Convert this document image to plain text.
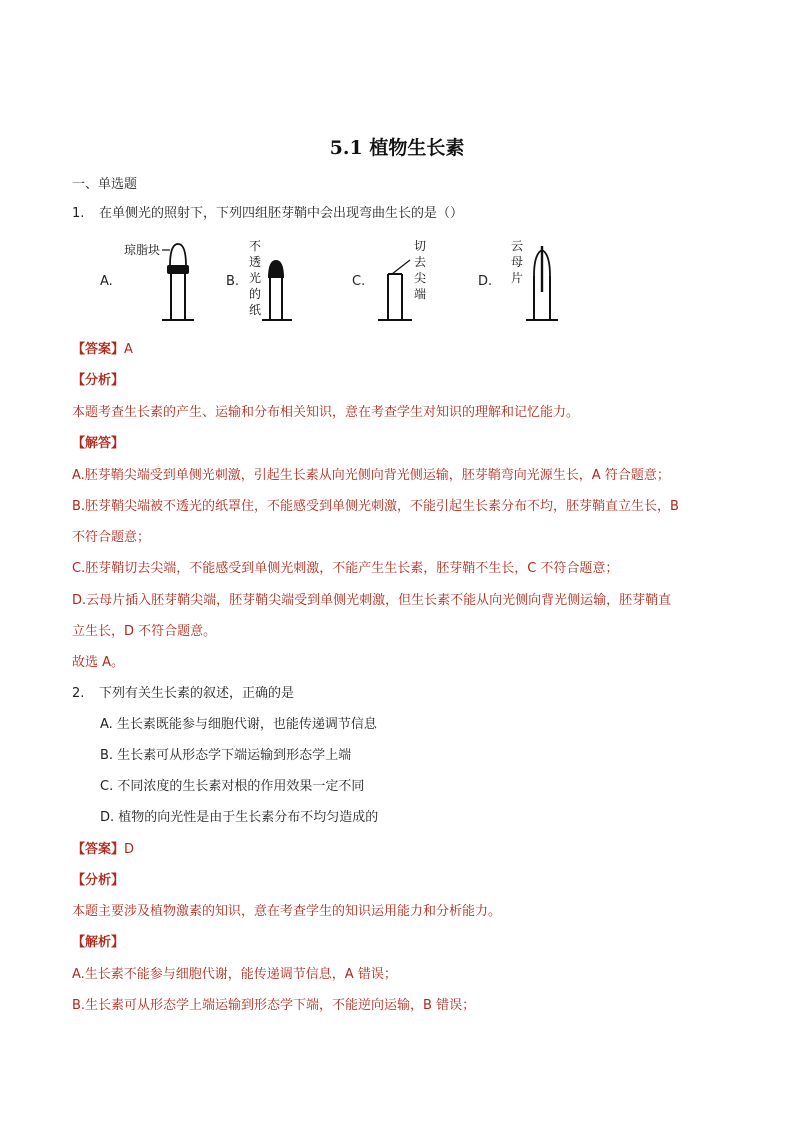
5.1 植物生长素
一、单选题
1. 在单侧光的照射下，下列四组胚芽鞘中会出现弯曲生长的是（）
A.
琼脂块
B.
不
透
光
的
纸
C.
切
去
尖
端
D.
云
母
片
【答案】A
【分析】
本题考查生长素的产生、运输和分布相关知识，意在考查学生对知识的理解和记忆能力。
【解答】
A.胚芽鞘尖端受到单侧光刺激，引起生长素从向光侧向背光侧运输，胚芽鞘弯向光源生长，A 符合题意；
B.胚芽鞘尖端被不透光的纸罩住，不能感受到单侧光刺激，不能引起生长素分布不均，胚芽鞘直立生长，B
不符合题意；
C.胚芽鞘切去尖端，不能感受到单侧光刺激，不能产生生长素，胚芽鞘不生长，C 不符合题意；
D.云母片插入胚芽鞘尖端，胚芽鞘尖端受到单侧光刺激，但生长素不能从向光侧向背光侧运输，胚芽鞘直
立生长，D 不符合题意。
故选 A。
2. 下列有关生长素的叙述，正确的是
A. 生长素既能参与细胞代谢，也能传递调节信息
B. 生长素可从形态学下端运输到形态学上端
C. 不同浓度的生长素对根的作用效果一定不同
D. 植物的向光性是由于生长素分布不均匀造成的
【答案】D
【分析】
本题主要涉及植物激素的知识，意在考查学生的知识运用能力和分析能力。
【解析】
A.生长素不能参与细胞代谢，能传递调节信息，A 错误；
B.生长素可从形态学上端运输到形态学下端，不能逆向运输，B 错误；
